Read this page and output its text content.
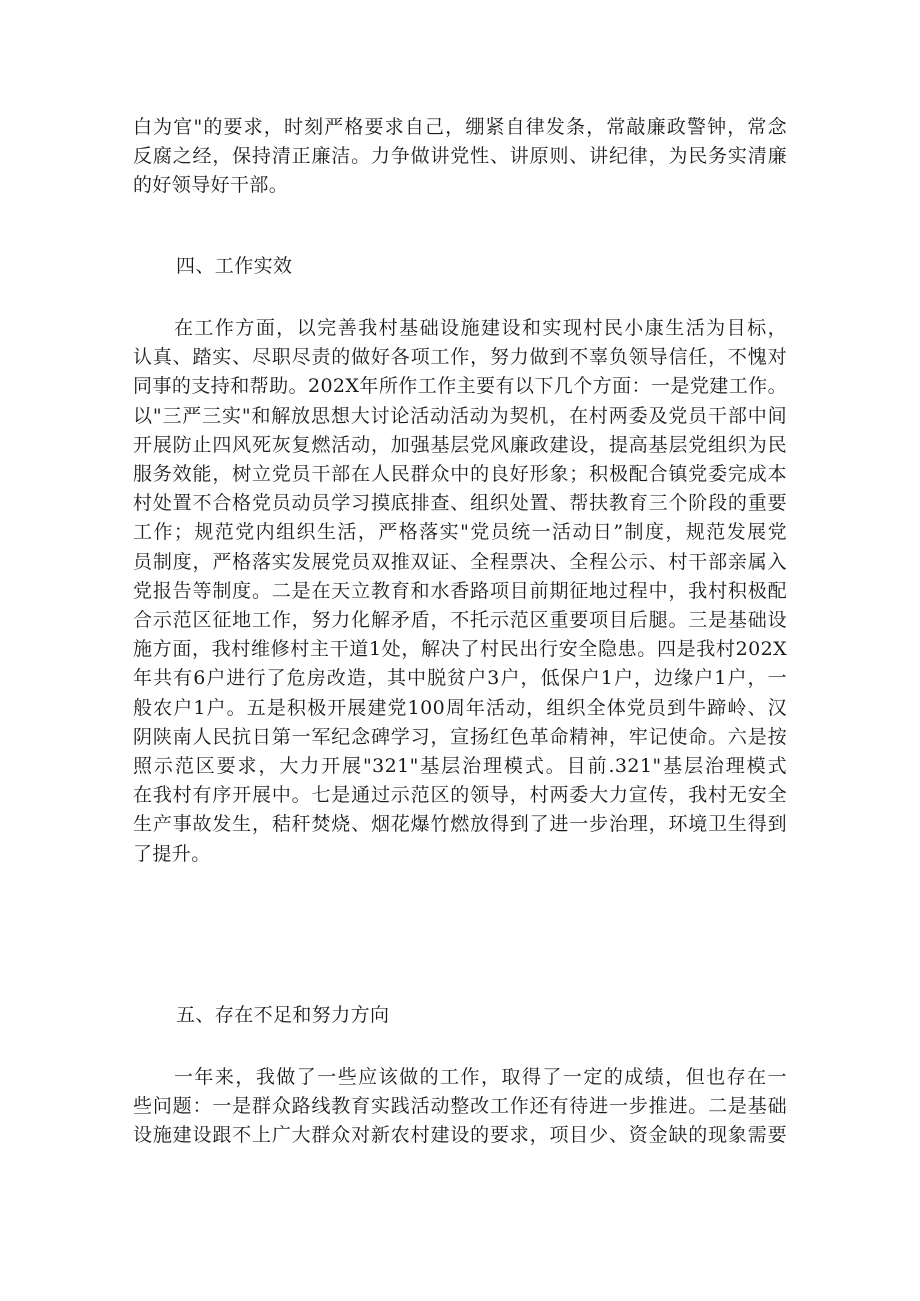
白为官"的要求，时刻严格要求自己，绷紧自律发条，常敲廉政警钟，常念
反腐之经，保持清正廉洁。力争做讲党性、讲原则、讲纪律，为民务实清廉
的好领导好干部。
四、工作实效
　　在工作方面，以完善我村基础设施建设和实现村民小康生活为目标，
认真、踏实、尽职尽责的做好各项工作，努力做到不辜负领导信任，不愧对
同事的支持和帮助。202X年所作工作主要有以下几个方面：一是党建工作。
以"三严三实"和解放思想大讨论活动活动为契机，在村两委及党员干部中间
开展防止四风死灰复燃活动，加强基层党风廉政建设，提高基层党组织为民
服务效能，树立党员干部在人民群众中的良好形象；积极配合镇党委完成本
村处置不合格党员动员学习摸底排查、组织处置、帮扶教育三个阶段的重要
工作；规范党内组织生活，严格落实"党员统一活动日”制度，规范发展党
员制度，严格落实发展党员双推双证、全程票决、全程公示、村干部亲属入
党报告等制度。二是在天立教育和水香路项目前期征地过程中，我村积极配
合示范区征地工作，努力化解矛盾，不托示范区重要项目后腿。三是基础设
施方面，我村维修村主干道1处，解决了村民出行安全隐患。四是我村202X
年共有6户进行了危房改造，其中脱贫户3户，低保户1户，边缘户1户，一
般农户1户。五是积极开展建党100周年活动，组织全体党员到牛蹄岭、汉
阴陕南人民抗日第一军纪念碑学习，宣扬红色革命精神，牢记使命。六是按
照示范区要求，大力开展"321"基层治理模式。目前.321"基层治理模式
在我村有序开展中。七是通过示范区的领导，村两委大力宣传，我村无安全
生产事故发生，秸秆焚烧、烟花爆竹燃放得到了进一步治理，环境卫生得到
了提升。
五、存在不足和努力方向
　　一年来，我做了一些应该做的工作，取得了一定的成绩，但也存在一
些问题：一是群众路线教育实践活动整改工作还有待进一步推进。二是基础
设施建设跟不上广大群众对新农村建设的要求，项目少、资金缺的现象需要
